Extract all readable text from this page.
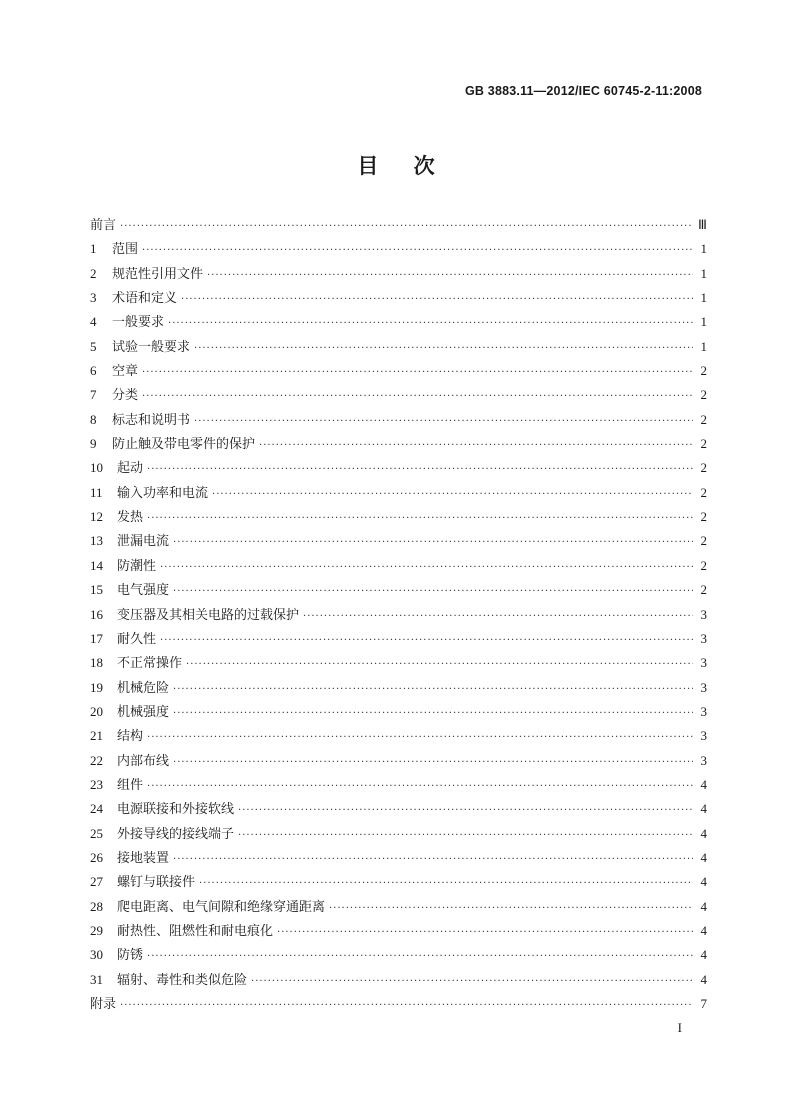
GB 3883.11—2012/IEC 60745-2-11:2008
目 次
前言 ·····	Ⅲ
1	范围 ·····	1
2	规范性引用文件 ·····	1
3	术语和定义 ·····	1
4	一般要求 ·····	1
5	试验一般要求 ·····	1
6	空章 ·····	2
7	分类 ·····	2
8	标志和说明书 ·····	2
9	防止触及带电零件的保护 ·····	2
10	起动 ·····	2
11	输入功率和电流 ·····	2
12	发热 ·····	2
13	泄漏电流 ·····	2
14	防潮性 ·····	2
15	电气强度 ·····	2
16	变压器及其相关电路的过载保护 ·····	3
17	耐久性 ·····	3
18	不正常操作 ·····	3
19	机械危险 ·····	3
20	机械强度 ·····	3
21	结构 ·····	3
22	内部布线 ·····	3
23	组件 ·····	4
24	电源联接和外接软线 ·····	4
25	外接导线的接线端子 ·····	4
26	接地装置 ·····	4
27	螺钉与联接件 ·····	4
28	爬电距离、电气间隙和绝缘穿通距离 ·····	4
29	耐热性、阻燃性和耐电痕化 ·····	4
30	防锈 ·····	4
31	辐射、毒性和类似危险 ·····	4
附录 ·····	7
I
